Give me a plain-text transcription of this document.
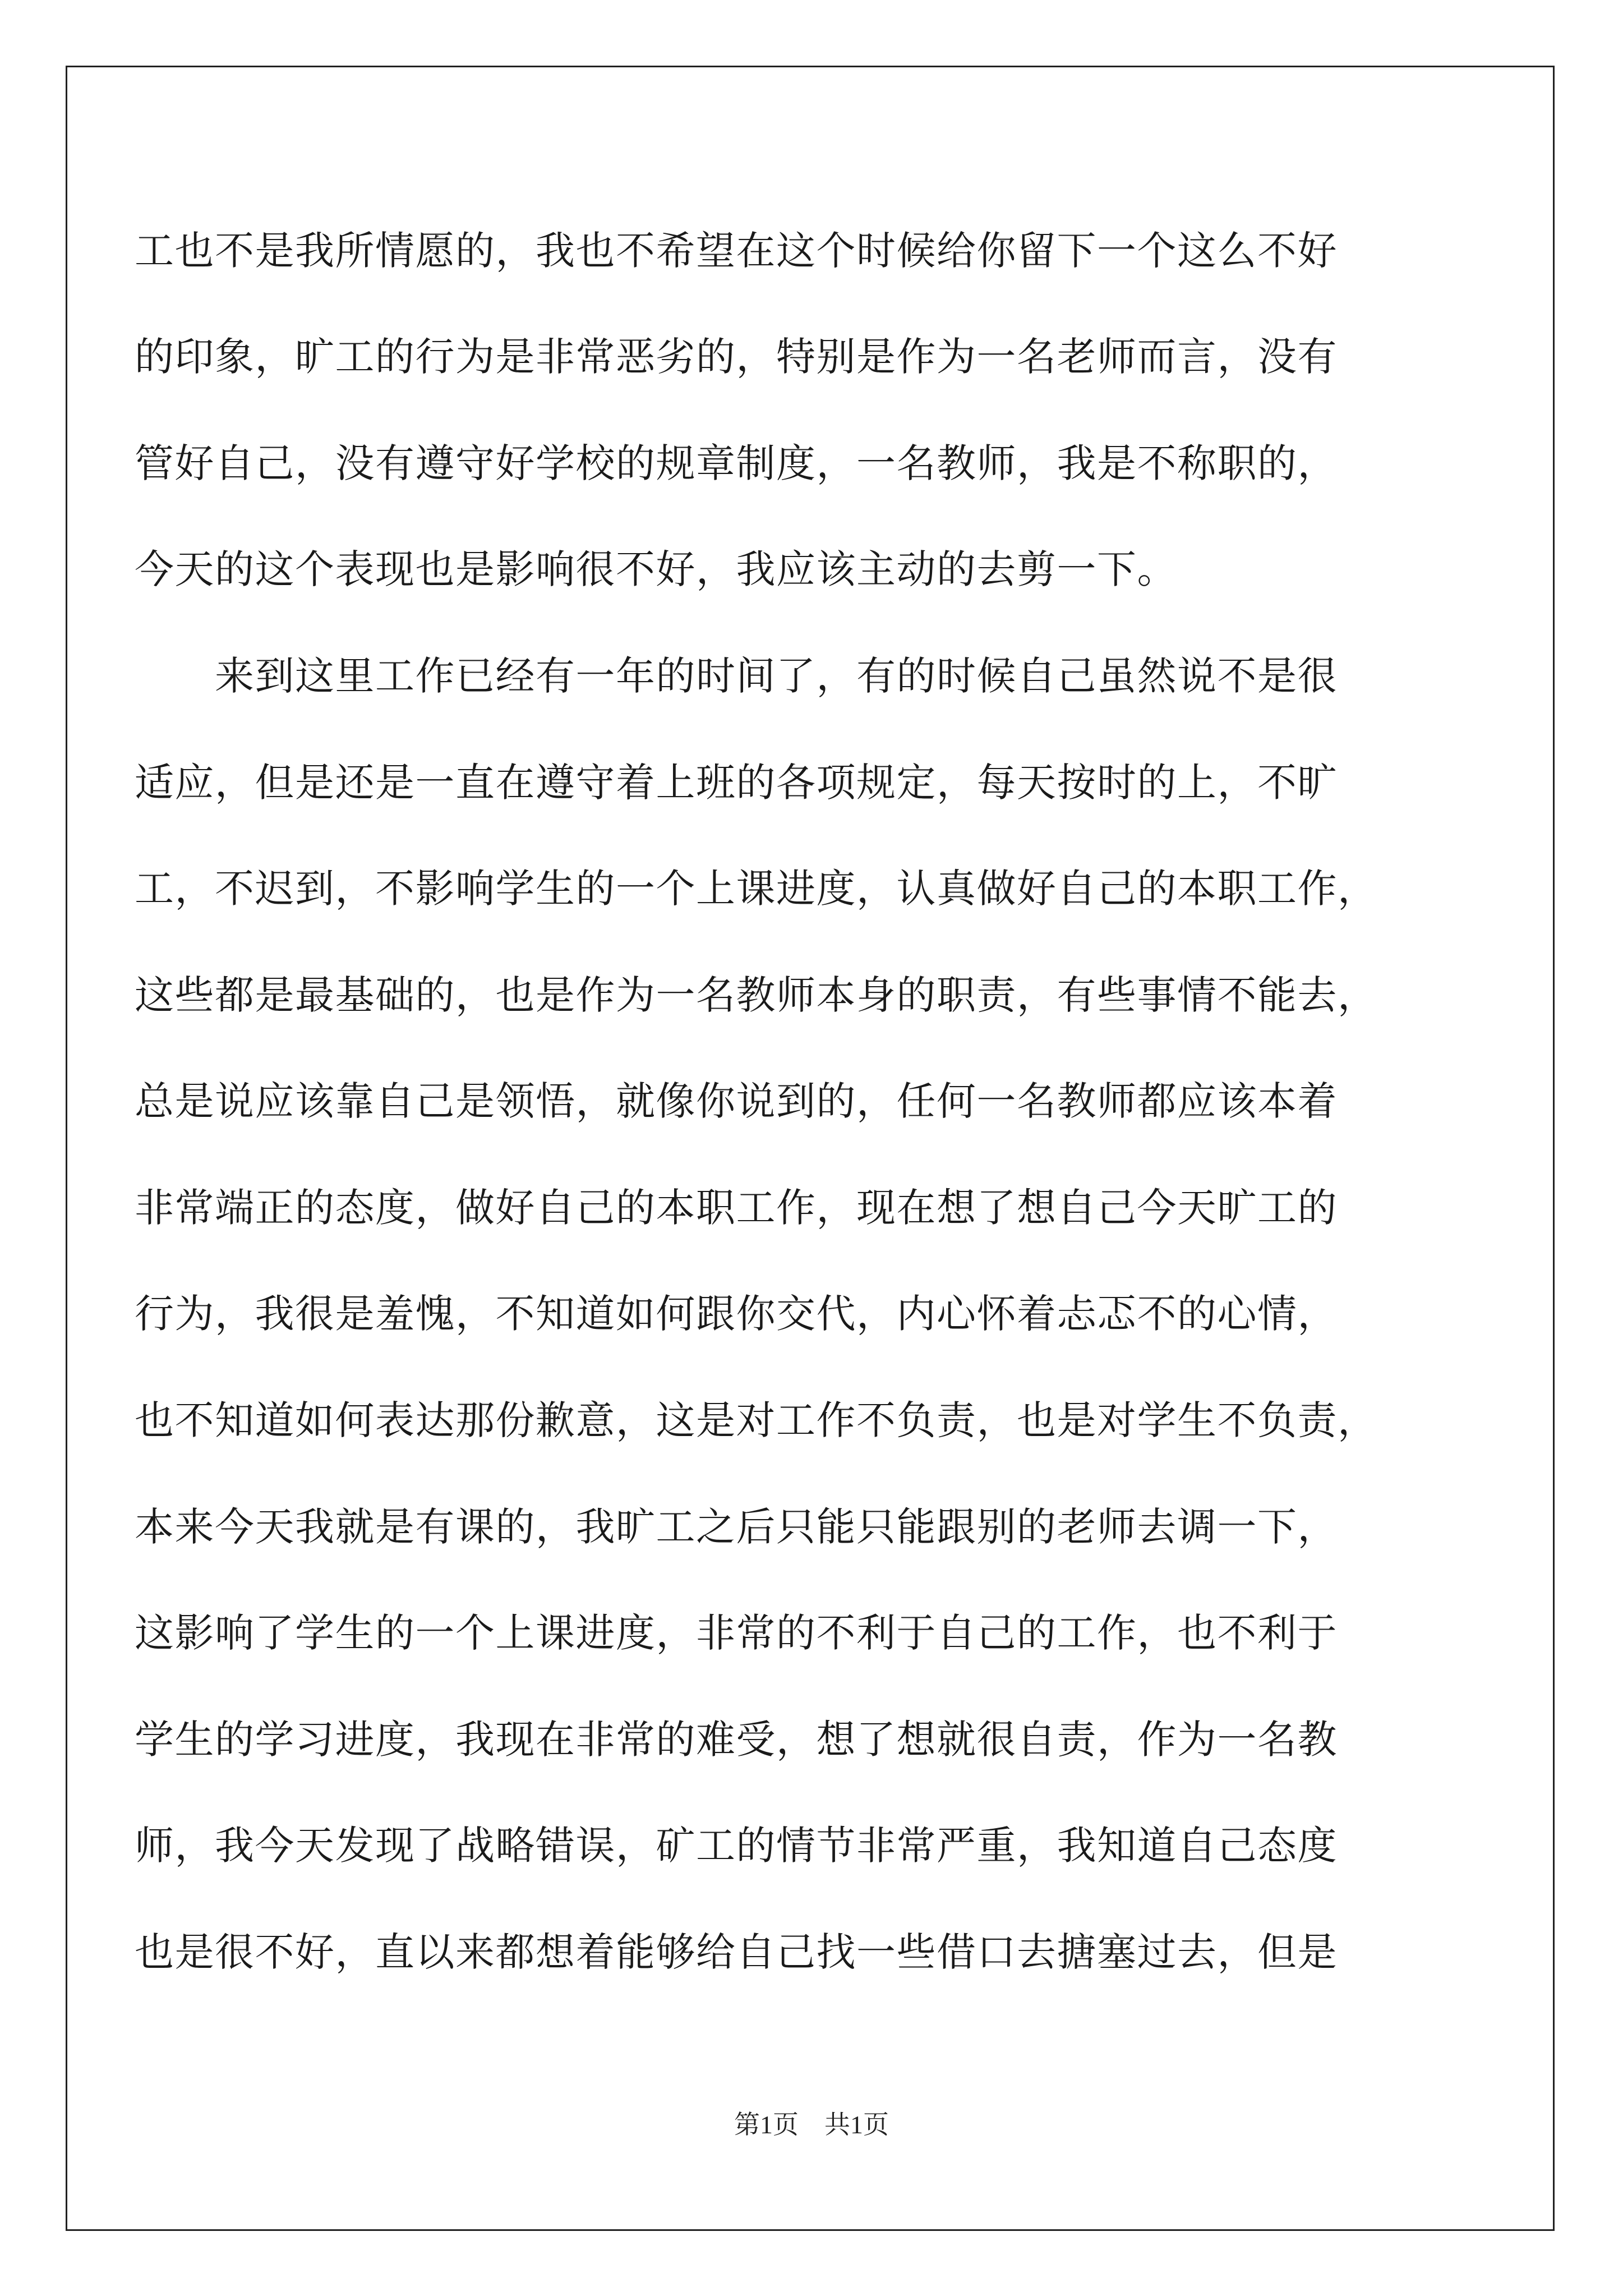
工也不是我所情愿的，我也不希望在这个时候给你留下一个这么不好
的印象，旷工的行为是非常恶劣的，特别是作为一名老师而言，没有
管好自己，没有遵守好学校的规章制度，一名教师，我是不称职的，
今天的这个表现也是影响很不好，我应该主动的去剪一下。
　　来到这里工作已经有一年的时间了，有的时候自己虽然说不是很
适应，但是还是一直在遵守着上班的各项规定，每天按时的上，不旷
工，不迟到，不影响学生的一个上课进度，认真做好自己的本职工作，
这些都是最基础的，也是作为一名教师本身的职责，有些事情不能去，
总是说应该靠自己是领悟，就像你说到的，任何一名教师都应该本着
非常端正的态度，做好自己的本职工作，现在想了想自己今天旷工的
行为，我很是羞愧，不知道如何跟你交代，内心怀着忐忑不的心情，
也不知道如何表达那份歉意，这是对工作不负责，也是对学生不负责，
本来今天我就是有课的，我旷工之后只能只能跟别的老师去调一下，
这影响了学生的一个上课进度，非常的不利于自己的工作，也不利于
学生的学习进度，我现在非常的难受，想了想就很自责，作为一名教
师，我今天发现了战略错误，矿工的情节非常严重，我知道自己态度
也是很不好，直以来都想着能够给自己找一些借口去搪塞过去，但是
第1页　共1页
